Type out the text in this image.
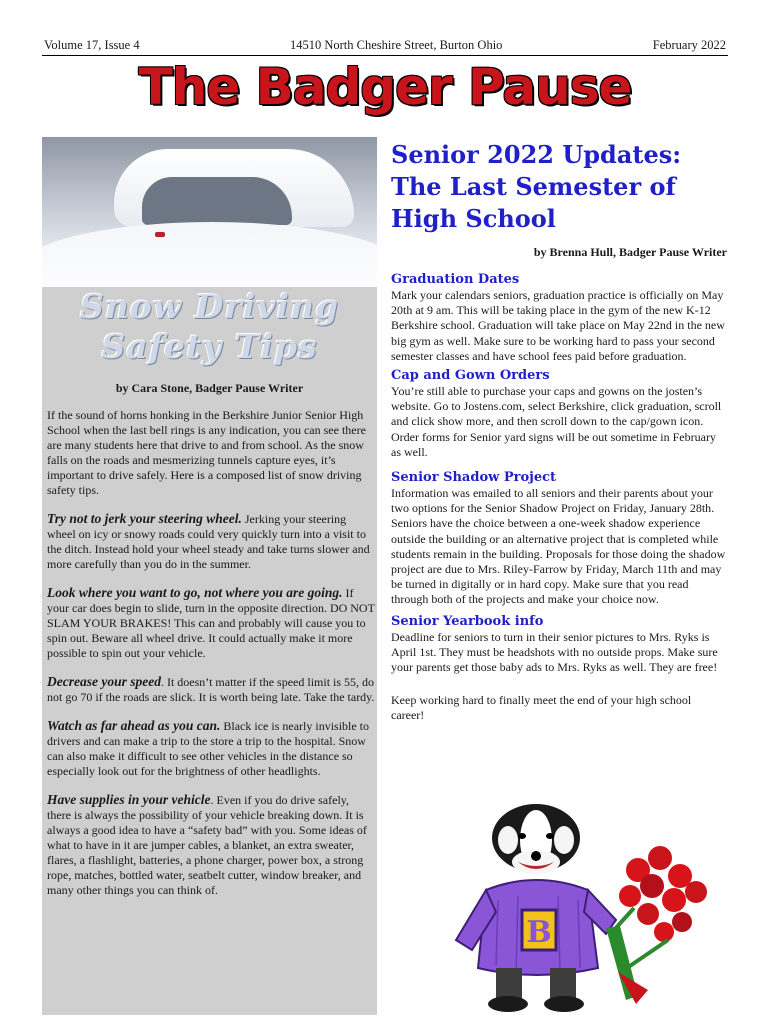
Volume 17, Issue 4	14510 North Cheshire Street, Burton Ohio	February 2022
The Badger Pause
Snow Driving
Safety Tips
by Cara Stone, Badger Pause Writer

If the sound of horns honking in the Berkshire Junior Senior High School when the last bell rings is any indication, you can see there are many students here that drive to and from school. As the snow falls on the roads and mesmerizing tunnels capture eyes, it’s important to drive safely. Here is a composed list of snow driving safety tips.

Try not to jerk your steering wheel. Jerking your steering wheel on icy or snowy roads could very quickly turn into a visit to the ditch. Instead hold your wheel steady and take turns slower and more carefully than you do in the summer.

Look where you want to go, not where you are going. If your car does begin to slide, turn in the opposite direction. DO NOT SLAM YOUR BRAKES! This can and probably will cause you to spin out. Beware all wheel drive. It could actually make it more possible to spin out your vehicle.

Decrease your speed. It doesn’t matter if the speed limit is 55, do not go 70 if the roads are slick. It is worth being late. Take the tardy.

Watch as far ahead as you can. Black ice is nearly invisible to drivers and can make a trip to the store a trip to the hospital. Snow can also make it difficult to see other vehicles in the distance so especially look out for the brightness of other headlights.

Have supplies in your vehicle. Even if you do drive safely, there is always the possibility of your vehicle breaking down. It is always a good idea to have a “safety bad” with you. Some ideas of what to have in it are jumper cables, a blanket, an extra sweater, flares, a flashlight, batteries, a phone charger, power box, a strong rope, matches, bottled water, seatbelt cutter, window breaker, and many other things you can think of.

Senior 2022 Updates: The Last Semester of High School
by Brenna Hull, Badger Pause Writer
Graduation Dates
Mark your calendars seniors, graduation practice is officially on May 20th at 9 am. This will be taking place in the gym of the new K-12 Berkshire school. Graduation will take place on May 22nd in the new big gym as well. Make sure to be working hard to pass your second semester classes and have school fees paid before graduation.
Cap and Gown Orders
You’re still able to purchase your caps and gowns on the josten’s website. Go to Jostens.com, select Berkshire, click graduation, scroll and click show more, and then scroll down to the cap/gown icon. Order forms for Senior yard signs will be out sometime in February as well.
Senior Shadow Project
Information was emailed to all seniors and their parents about your two options for the Senior Shadow Project on Friday, January 28th. Seniors have the choice between a one-week shadow experience outside the building or an alternative project that is completed while students remain in the building. Proposals for those doing the shadow project are due to Mrs. Riley-Farrow by Friday, March 11th and may be turned in digitally or in hard copy. Make sure that you read through both of the projects and make your choice now.
Senior Yearbook info
Deadline for seniors to turn in their senior pictures to Mrs. Ryks is April 1st. They must be headshots with no outside props. Make sure your parents get those baby ads to Mrs. Ryks as well. They are free!
Keep working hard to finally meet the end of your high school career!
B
